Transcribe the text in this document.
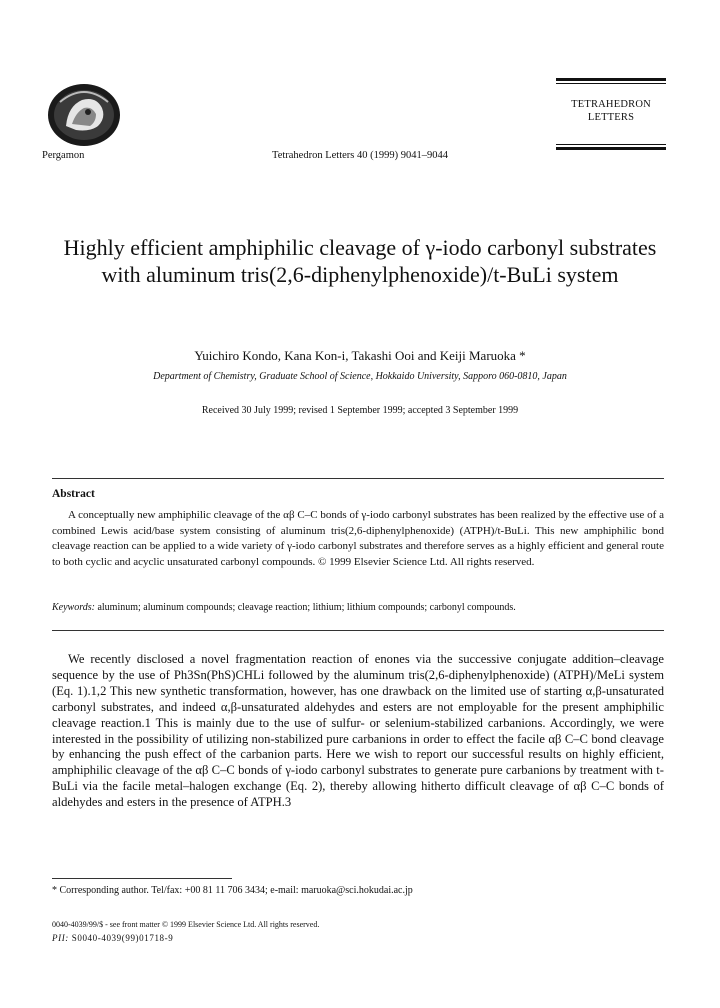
Pergamon	Tetrahedron Letters 40 (1999) 9041–9044
TETRAHEDRON
LETTERS
Highly efficient amphiphilic cleavage of γ-iodo carbonyl substrates with aluminum tris(2,6-diphenylphenoxide)/t-BuLi system
Yuichiro Kondo, Kana Kon-i, Takashi Ooi and Keiji Maruoka *
Department of Chemistry, Graduate School of Science, Hokkaido University, Sapporo 060-0810, Japan
Received 30 July 1999; revised 1 September 1999; accepted 3 September 1999
Abstract

A conceptually new amphiphilic cleavage of the αβ C–C bonds of γ-iodo carbonyl substrates has been realized by the effective use of a combined Lewis acid/base system consisting of aluminum tris(2,6-diphenylphenoxide) (ATPH)/t-BuLi. This new amphiphilic bond cleavage reaction can be applied to a wide variety of γ-iodo carbonyl substrates and therefore serves as a highly efficient and general route to both cyclic and acyclic unsaturated carbonyl compounds. © 1999 Elsevier Science Ltd. All rights reserved.

Keywords: aluminum; aluminum compounds; cleavage reaction; lithium; lithium compounds; carbonyl compounds.

We recently disclosed a novel fragmentation reaction of enones via the successive conjugate addition–cleavage sequence by the use of Ph3Sn(PhS)CHLi followed by the aluminum tris(2,6-diphenylphenoxide) (ATPH)/MeLi system (Eq. 1).1,2 This new synthetic transformation, however, has one drawback on the limited use of starting α,β-unsaturated carbonyl substrates, and indeed α,β-unsaturated aldehydes and esters are not employable for the present amphiphilic cleavage reaction.1 This is mainly due to the use of sulfur- or selenium-stabilized carbanions. Accordingly, we were interested in the possibility of utilizing non-stabilized pure carbanions in order to effect the facile αβ C–C bond cleavage by enhancing the push effect of the carbanion parts. Here we wish to report our successful results on highly efficient, amphiphilic cleavage of the αβ C–C bonds of γ-iodo carbonyl substrates to generate pure carbanions by treatment with t-BuLi via the facile metal–halogen exchange (Eq. 2), thereby allowing hitherto difficult cleavage of αβ C–C bonds of aldehydes and esters in the presence of ATPH.3

* Corresponding author. Tel/fax: +00 81 11 706 3434; e-mail: maruoka@sci.hokudai.ac.jp
0040-4039/99/$ - see front matter © 1999 Elsevier Science Ltd. All rights reserved.
PII: S0040-4039(99)01718-9
